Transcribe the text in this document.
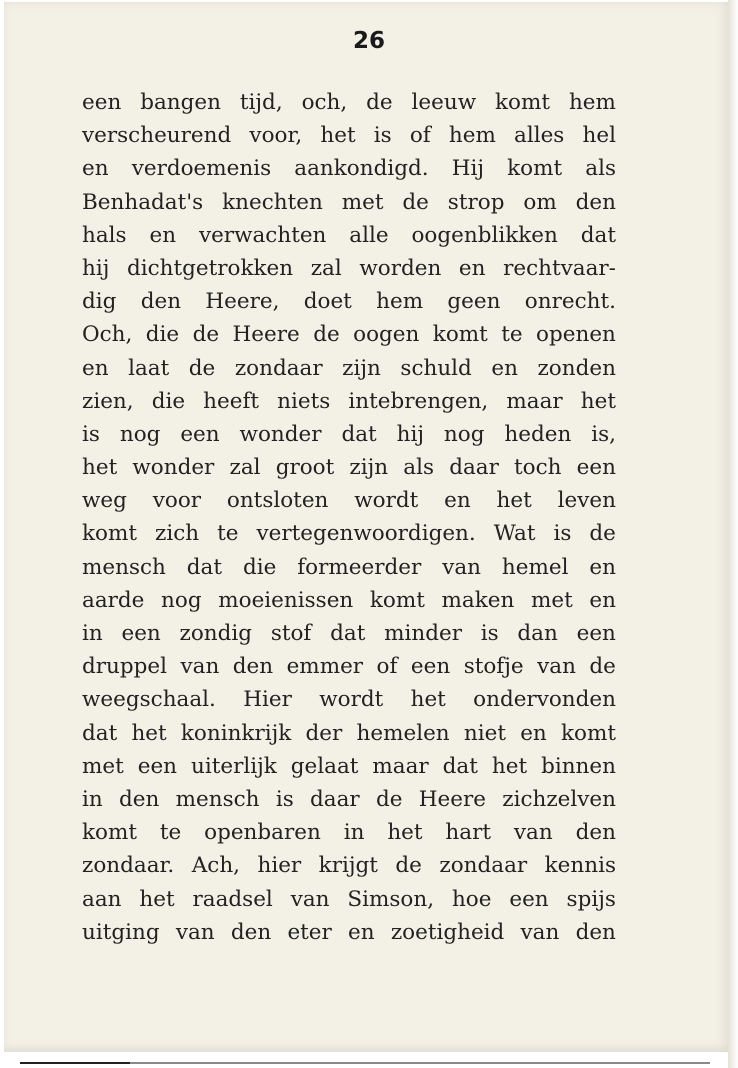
26

een bangen tijd, och, de leeuw komt hem
verscheurend voor, het is of hem alles hel
en verdoemenis aankondigd. Hij komt als
Benhadat's knechten met de strop om den
hals en verwachten alle oogenblikken dat
hij dichtgetrokken zal worden en rechtvaar-
dig den Heere, doet hem geen onrecht.
Och, die de Heere de oogen komt te openen
en laat de zondaar zijn schuld en zonden
zien, die heeft niets intebrengen, maar het
is nog een wonder dat hij nog heden is,
het wonder zal groot zijn als daar toch een
weg voor ontsloten wordt en het leven
komt zich te vertegenwoordigen. Wat is de
mensch dat die formeerder van hemel en
aarde nog moeienissen komt maken met en
in een zondig stof dat minder is dan een
druppel van den emmer of een stofje van de
weegschaal. Hier wordt het ondervonden
dat het koninkrijk der hemelen niet en komt
met een uiterlijk gelaat maar dat het binnen
in den mensch is daar de Heere zichzelven
komt te openbaren in het hart van den
zondaar. Ach, hier krijgt de zondaar kennis
aan het raadsel van Simson, hoe een spijs
uitging van den eter en zoetigheid van den
